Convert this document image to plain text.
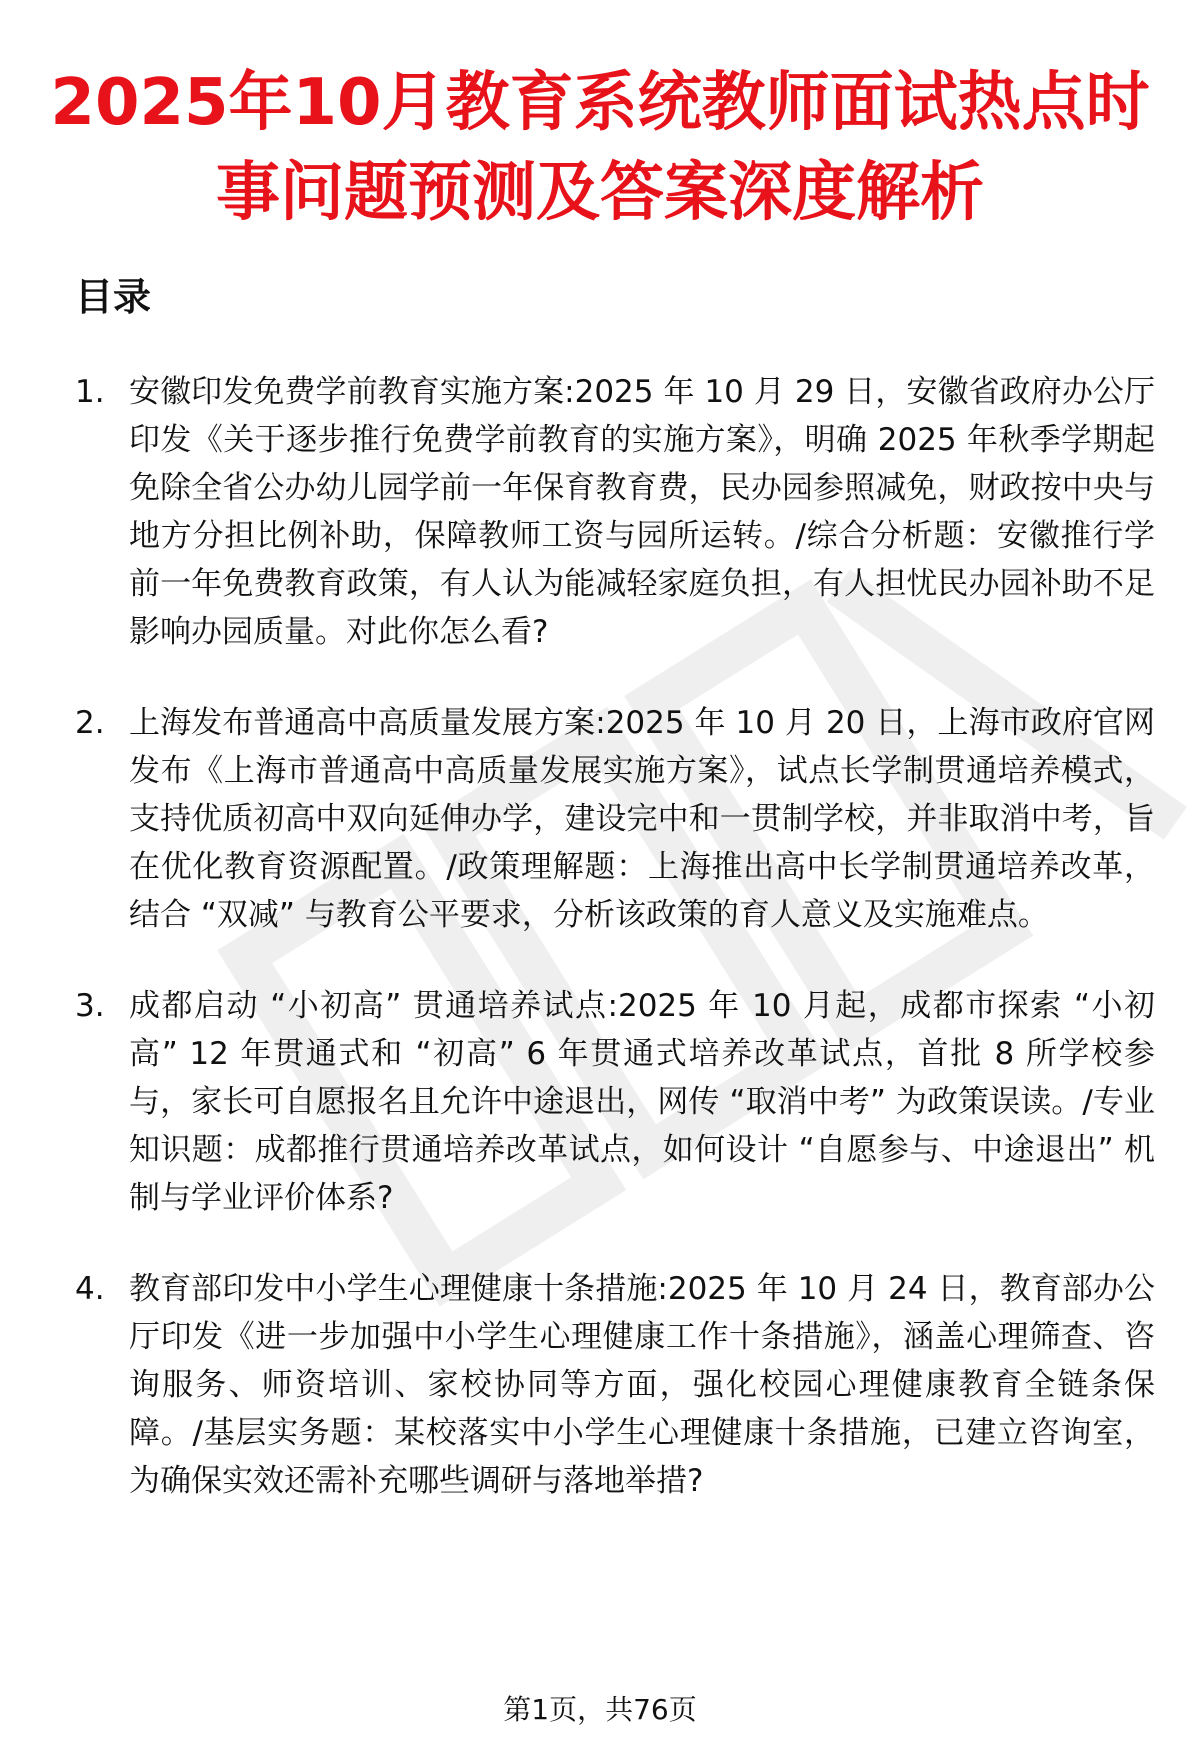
2025年10月教育系统教师面试热点时事问题预测及答案深度解析
目录
1. 安徽印发免费学前教育实施方案:2025 年 10 月 29 日，安徽省政府办公厅印发《关于逐步推行免费学前教育的实施方案》，明确 2025 年秋季学期起免除全省公办幼儿园学前一年保育教育费，民办园参照减免，财政按中央与地方分担比例补助，保障教师工资与园所运转。/综合分析题：安徽推行学前一年免费教育政策，有人认为能减轻家庭负担，有人担忧民办园补助不足影响办园质量。对此你怎么看?
2. 上海发布普通高中高质量发展方案:2025 年 10 月 20 日，上海市政府官网发布《上海市普通高中高质量发展实施方案》，试点长学制贯通培养模式，支持优质初高中双向延伸办学，建设完中和一贯制学校，并非取消中考，旨在优化教育资源配置。/政策理解题：上海推出高中长学制贯通培养改革，结合 “双减” 与教育公平要求，分析该政策的育人意义及实施难点。
3. 成都启动 “小初高” 贯通培养试点:2025 年 10 月起，成都市探索 “小初高” 12 年贯通式和 “初高” 6 年贯通式培养改革试点，首批 8 所学校参与，家长可自愿报名且允许中途退出，网传 “取消中考” 为政策误读。/专业知识题：成都推行贯通培养改革试点，如何设计 “自愿参与、中途退出” 机制与学业评价体系?
4. 教育部印发中小学生心理健康十条措施:2025 年 10 月 24 日，教育部办公厅印发《进一步加强中小学生心理健康工作十条措施》，涵盖心理筛查、咨询服务、师资培训、家校协同等方面，强化校园心理健康教育全链条保障。/基层实务题：某校落实中小学生心理健康十条措施，已建立咨询室，为确保实效还需补充哪些调研与落地举措?
第1页，共76页
